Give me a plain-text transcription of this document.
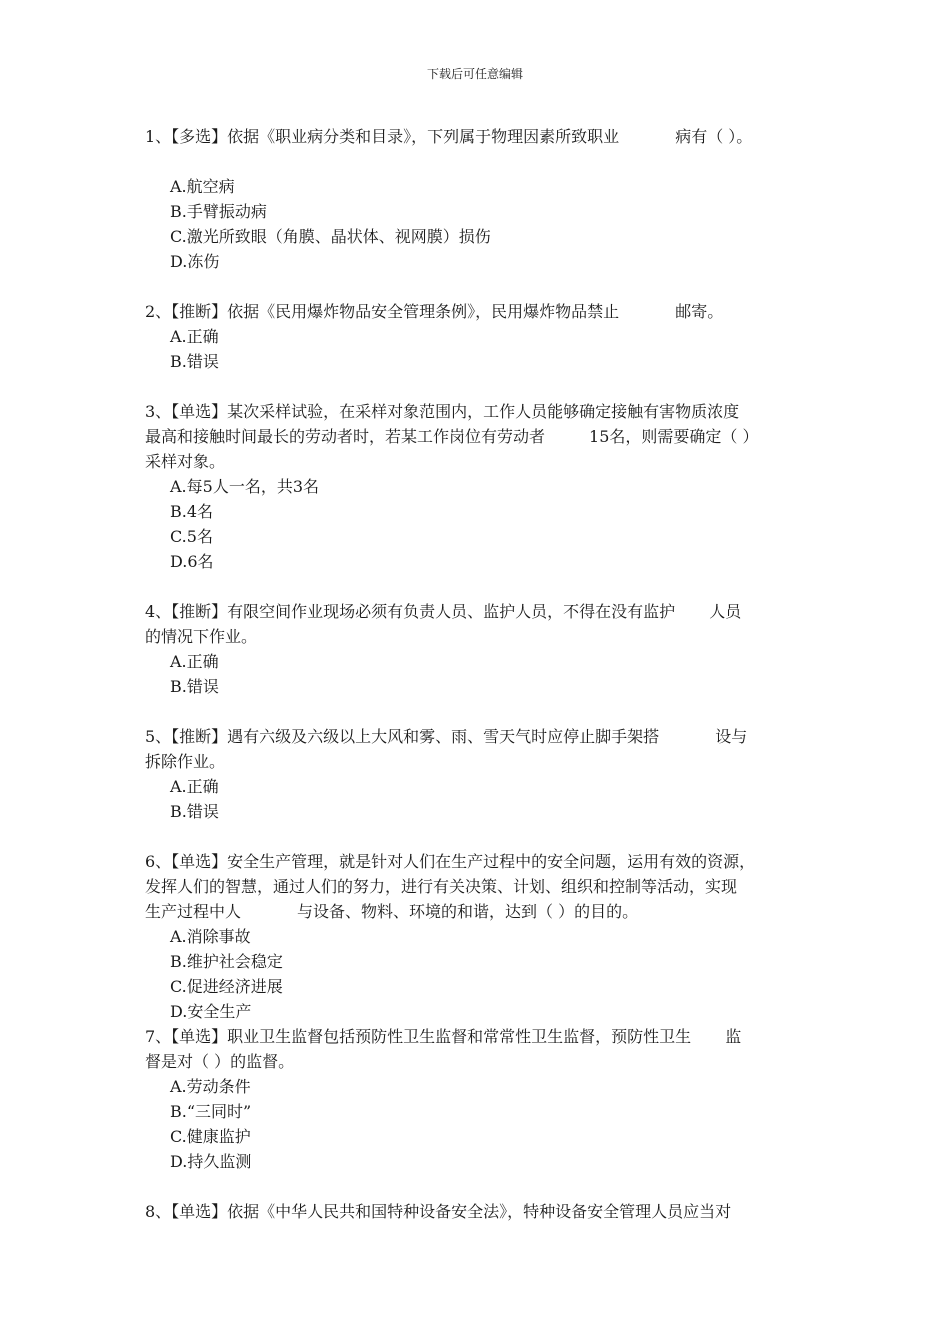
下载后可任意编辑
1、【多选】依据《职业病分类和目录》，下列属于物理因素所致职业	病有（ ）。
A.航空病
B.手臂振动病
C.激光所致眼（角膜、晶状体、视网膜）损伤
D.冻伤
2、【推断】依据《民用爆炸物品安全管理条例》，民用爆炸物品禁止	邮寄。
A.正确
B.错误
3、【单选】某次采样试验，在采样对象范围内，工作人员能够确定接触有害物质浓度
最高和接触时间最长的劳动者时，若某工作岗位有劳动者	15名，则需要确定（ ）
采样对象。
A.每5人一名，共3名
B.4名
C.5名
D.6名
4、【推断】有限空间作业现场必须有负责人员、监护人员，不得在没有监护 人员
的情况下作业。
A.正确
B.错误
5、【推断】遇有六级及六级以上大风和雾、雨、雪天气时应停止脚手架搭	设与
拆除作业。
A.正确
B.错误
6、【单选】安全生产管理，就是针对人们在生产过程中的安全问题，运用有效的资源，
发挥人们的智慧，通过人们的努力，进行有关决策、计划、组织和控制等活动，实现
生产过程中人	与设备、物料、环境的和谐，达到（ ）的目的。
A.消除事故
B.维护社会稳定
C.促进经济进展
D.安全生产
7、【单选】职业卫生监督包括预防性卫生监督和常常性卫生监督，预防性卫生 监
督是对（ ）的监督。
A.劳动条件
B.“三同时”
C.健康监护
D.持久监测
8、【单选】依据《中华人民共和国特种设备安全法》，特种设备安全管理人员应当对
